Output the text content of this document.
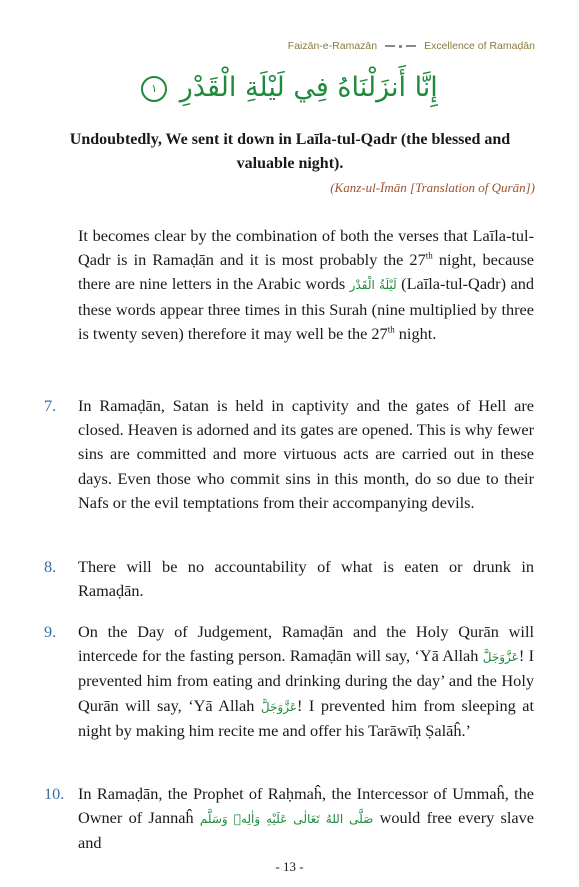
Faizān-e-Ramazān	Excellence of Ramaḍān
إِنَّا أَنزَلْنَاهُ فِي لَيْلَةِ الْقَدْرِ ١

Undoubtedly, We sent it down in Laīla-tul-Qadr (the blessed and valuable night).

(Kanz-ul-Īmān [Translation of Qurān])

It becomes clear by the combination of both the verses that Laīla-tul-Qadr is in Ramaḍān and it is most probably the 27th night, because there are nine letters in the Arabic words لَيْلَةُ الْقَدْر (Laīla-tul-Qadr) and these words appear three times in this Surah (nine multiplied by three is twenty seven) therefore it may well be the 27th night.

7. In Ramaḍān, Satan is held in captivity and the gates of Hell are closed. Heaven is adorned and its gates are opened. This is why fewer sins are committed and more virtuous acts are carried out in these days. Even those who commit sins in this month, do so due to their Nafs or the evil temptations from their accompanying devils.

8. There will be no accountability of what is eaten or drunk in Ramaḍān.

9. On the Day of Judgement, Ramaḍān and the Holy Qurān will intercede for the fasting person. Ramaḍān will say, ‘Yā Allah عَزَّوَجَلَّ! I prevented him from eating and drinking during the day’ and the Holy Qurān will say, ‘Yā Allah عَزَّوَجَلَّ! I prevented him from sleeping at night by making him recite me and offer his Tarāwīḥ Ṣalāĥ.’

10. In Ramaḍān, the Prophet of Raḥmaĥ, the Intercessor of Ummaĥ, the Owner of Jannaĥ صَلَّى اللهُ تَعَالٰى عَلَيْهِ وَاٰلِهٖ وَسَلَّم would free every slave and

- 13 -
